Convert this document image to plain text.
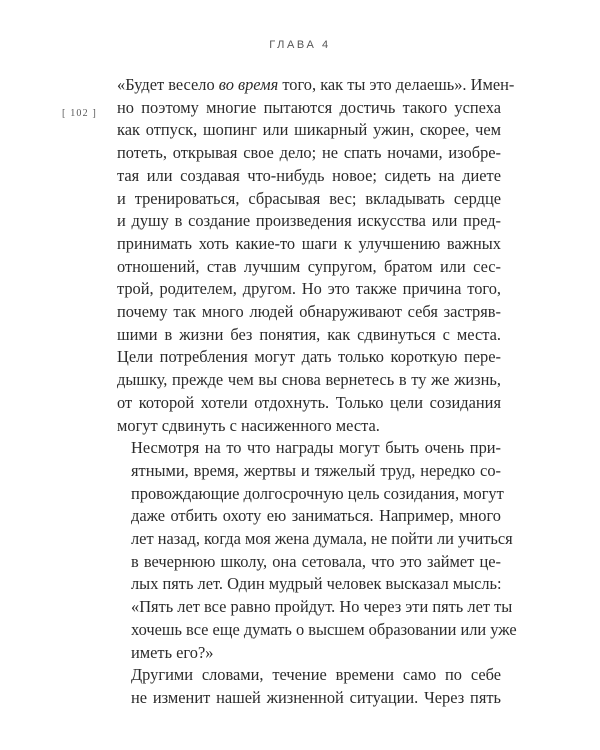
ГЛАВА 4
[ 102 ]

«Будет весело во время того, как ты это делаешь». Имен-
но поэтому многие пытаются достичь такого успеха
как отпуск, шопинг или шикарный ужин, скорее, чем
потеть, открывая свое дело; не спать ночами, изобре-
тая или создавая что-нибудь новое; сидеть на диете
и тренироваться, сбрасывая вес; вкладывать сердце
и душу в создание произведения искусства или пред-
принимать хоть какие-то шаги к улучшению важных
отношений, став лучшим супругом, братом или сес-
трой, родителем, другом. Но это также причина того,
почему так много людей обнаруживают себя застряв-
шими в жизни без понятия, как сдвинуться с места.
Цели потребления могут дать только короткую пере-
дышку, прежде чем вы снова вернетесь в ту же жизнь,
от которой хотели отдохнуть. Только цели созидания
могут сдвинуть с насиженного места.

Несмотря на то что награды могут быть очень при-
ятными, время, жертвы и тяжелый труд, нередко со-
провождающие долгосрочную цель созидания, могут
даже отбить охоту ею заниматься. Например, много
лет назад, когда моя жена думала, не пойти ли учиться
в вечернюю школу, она сетовала, что это займет це-
лых пять лет. Один мудрый человек высказал мысль:
«Пять лет все равно пройдут. Но через эти пять лет ты
хочешь все еще думать о высшем образовании или уже
иметь его?»

Другими словами, течение времени само по себе
не изменит нашей жизненной ситуации. Через пять
